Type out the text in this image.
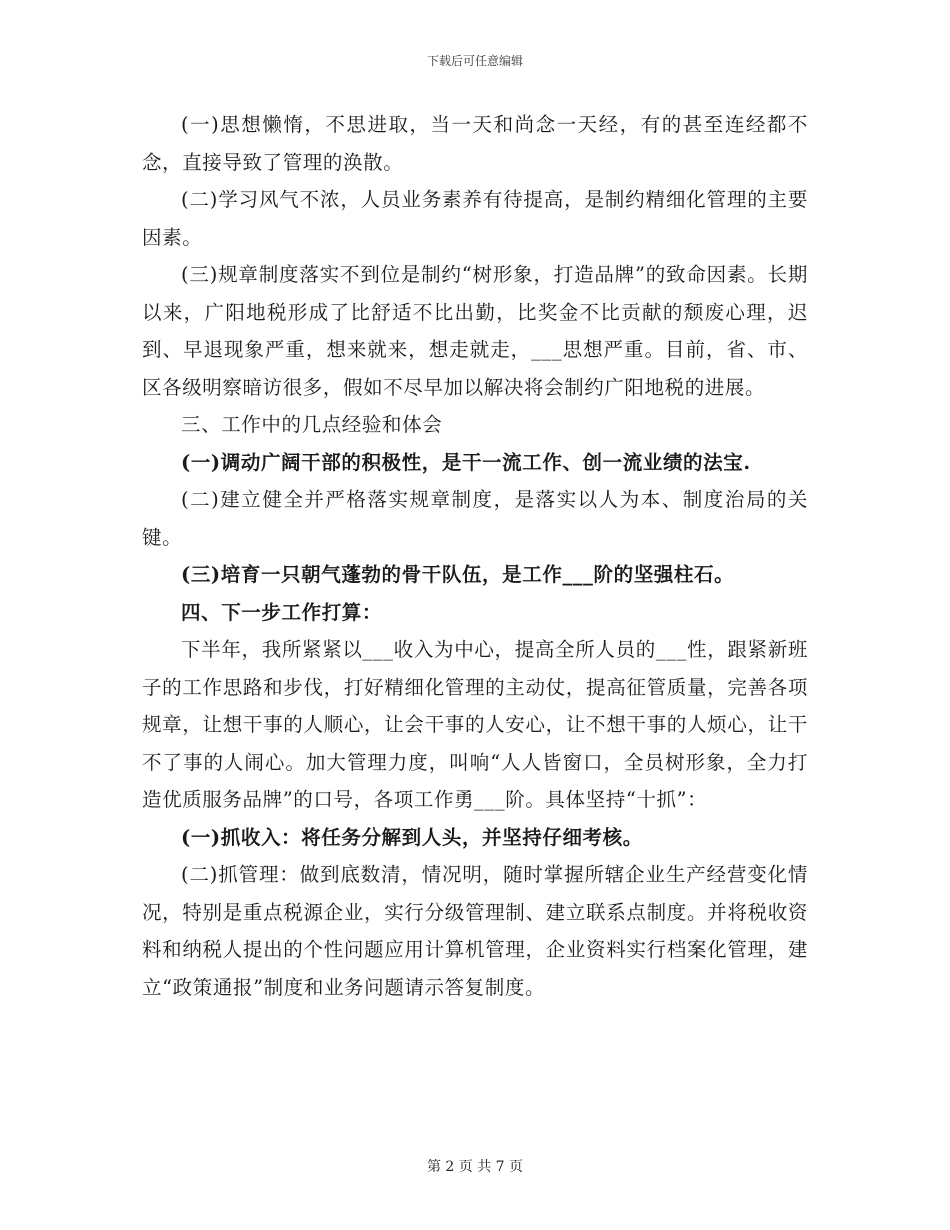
下载后可任意编辑

(一)思想懒惰，不思进取，当一天和尚念一天经，有的甚至连经都不念，直接导致了管理的涣散。

(二)学习风气不浓，人员业务素养有待提高，是制约精细化管理的主要因素。

(三)规章制度落实不到位是制约“树形象，打造品牌”的致命因素。长期以来，广阳地税形成了比舒适不比出勤，比奖金不比贡献的颓废心理，迟到、早退现象严重，想来就来，想走就走，___思想严重。目前，省、市、区各级明察暗访很多，假如不尽早加以解决将会制约广阳地税的进展。

三、工作中的几点经验和体会

(一)调动广阔干部的积极性，是干一流工作、创一流业绩的法宝.

(二)建立健全并严格落实规章制度，是落实以人为本、制度治局的关键。

(三)培育一只朝气蓬勃的骨干队伍，是工作___阶的坚强柱石。

四、下一步工作打算：

下半年，我所紧紧以___收入为中心，提高全所人员的___性，跟紧新班子的工作思路和步伐，打好精细化管理的主动仗，提高征管质量，完善各项规章，让想干事的人顺心，让会干事的人安心，让不想干事的人烦心，让干不了事的人闹心。加大管理力度，叫响“人人皆窗口，全员树形象，全力打造优质服务品牌”的口号，各项工作勇___阶。具体坚持“十抓”：

(一)抓收入：将任务分解到人头，并坚持仔细考核。

(二)抓管理：做到底数清，情况明，随时掌握所辖企业生产经营变化情况，特别是重点税源企业，实行分级管理制、建立联系点制度。并将税收资料和纳税人提出的个性问题应用计算机管理，企业资料实行档案化管理，建立“政策通报”制度和业务问题请示答复制度。

第 2 页 共 7 页
